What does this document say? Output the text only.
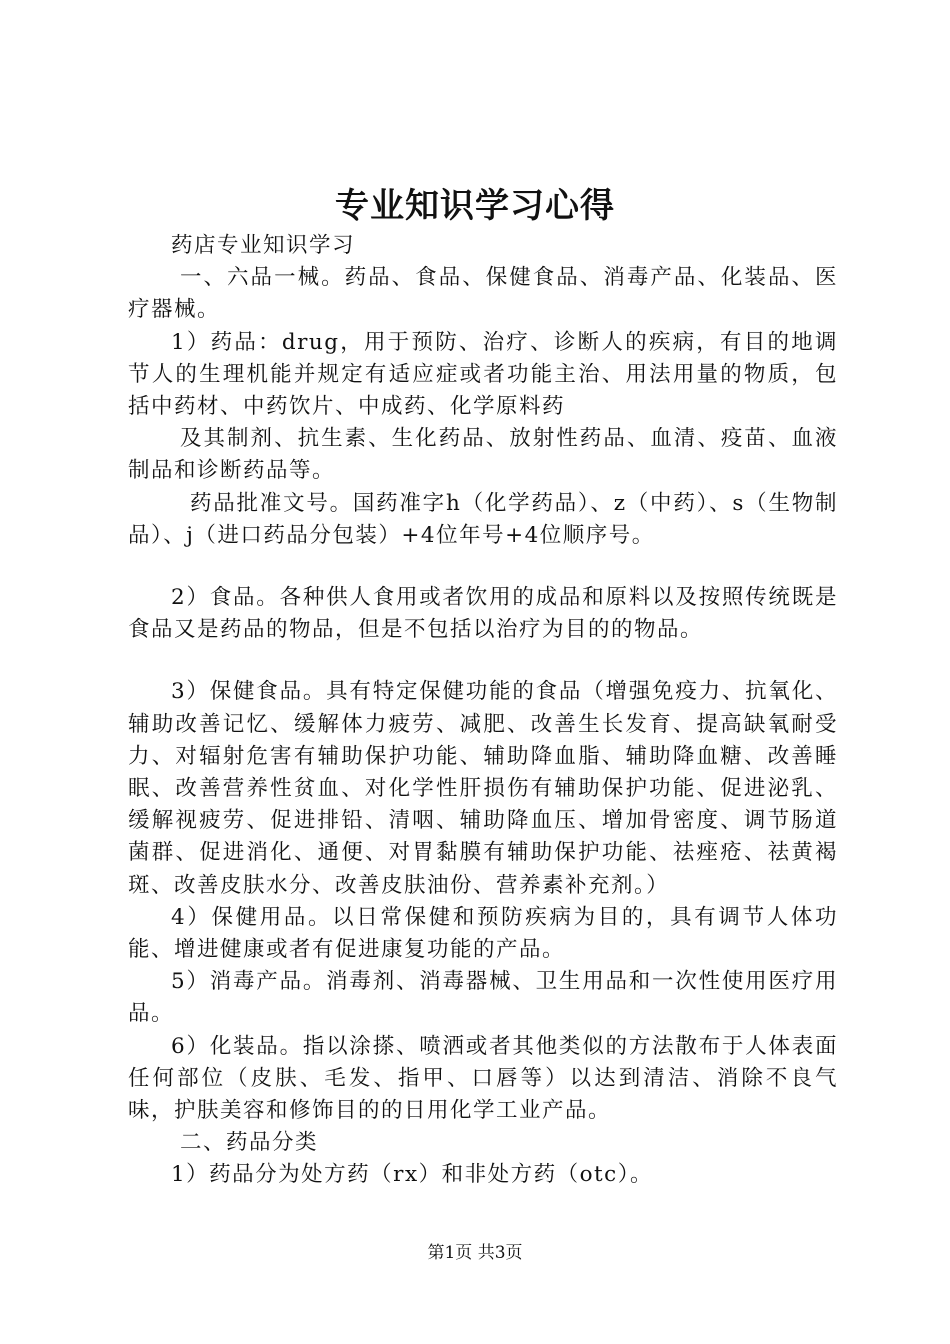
专业知识学习心得

药店专业知识学习

一、六品一械。药品、食品、保健食品、消毒产品、化装品、医疗器械。

1）药品：drug，用于预防、治疗、诊断人的疾病，有目的地调节人的生理机能并规定有适应症或者功能主治、用法用量的物质，包括中药材、中药饮片、中成药、化学原料药

及其制剂、抗生素、生化药品、放射性药品、血清、疫苗、血液制品和诊断药品等。

药品批准文号。国药准字h（化学药品）、z（中药）、s（生物制品）、j（进口药品分包装）+4位年号+4位顺序号。

2）食品。各种供人食用或者饮用的成品和原料以及按照传统既是食品又是药品的物品，但是不包括以治疗为目的的物品。

3）保健食品。具有特定保健功能的食品（增强免疫力、抗氧化、辅助改善记忆、缓解体力疲劳、减肥、改善生长发育、提高缺氧耐受力、对辐射危害有辅助保护功能、辅助降血脂、辅助降血糖、改善睡眠、改善营养性贫血、对化学性肝损伤有辅助保护功能、促进泌乳、缓解视疲劳、促进排铅、清咽、辅助降血压、增加骨密度、调节肠道菌群、促进消化、通便、对胃黏膜有辅助保护功能、祛痤疮、祛黄褐斑、改善皮肤水分、改善皮肤油份、营养素补充剂。）

4）保健用品。以日常保健和预防疾病为目的，具有调节人体功能、增进健康或者有促进康复功能的产品。

5）消毒产品。消毒剂、消毒器械、卫生用品和一次性使用医疗用品。

6）化装品。指以涂搽、喷洒或者其他类似的方法散布于人体表面任何部位（皮肤、毛发、指甲、口唇等）以达到清洁、消除不良气味，护肤美容和修饰目的的日用化学工业产品。

二、药品分类

1）药品分为处方药（rx）和非处方药（otc）。

第1页 共3页
